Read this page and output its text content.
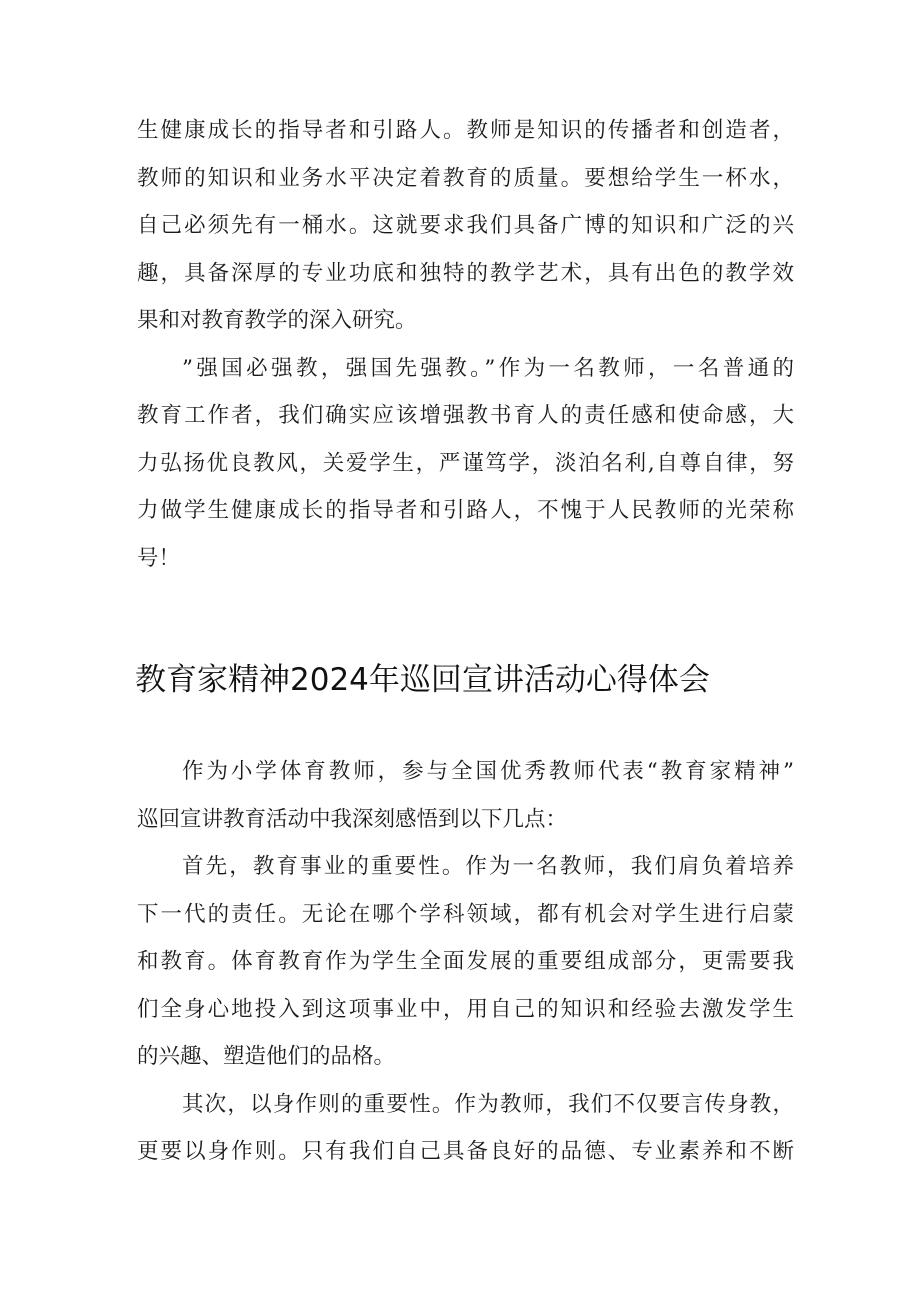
生健康成长的指导者和引路人。教师是知识的传播者和创造者，
教师的知识和业务水平决定着教育的质量。要想给学生一杯水，
自己必须先有一桶水。这就要求我们具备广博的知识和广泛的兴
趣，具备深厚的专业功底和独特的教学艺术，具有出色的教学效
果和对教育教学的深入研究。
”强国必强教，强国先强教。”作为一名教师，一名普通的
教育工作者，我们确实应该增强教书育人的责任感和使命感，大
力弘扬优良教风，关爱学生，严谨笃学，淡泊名利,自尊自律，努
力做学生健康成长的指导者和引路人，不愧于人民教师的光荣称
号！
教育家精神2024年巡回宣讲活动心得体会
作为小学体育教师，参与全国优秀教师代表“教育家精神”
巡回宣讲教育活动中我深刻感悟到以下几点：
首先，教育事业的重要性。作为一名教师，我们肩负着培养
下一代的责任。无论在哪个学科领域，都有机会对学生进行启蒙
和教育。体育教育作为学生全面发展的重要组成部分，更需要我
们全身心地投入到这项事业中，用自己的知识和经验去激发学生
的兴趣、塑造他们的品格。
其次，以身作则的重要性。作为教师，我们不仅要言传身教，
更要以身作则。只有我们自己具备良好的品德、专业素养和不断
